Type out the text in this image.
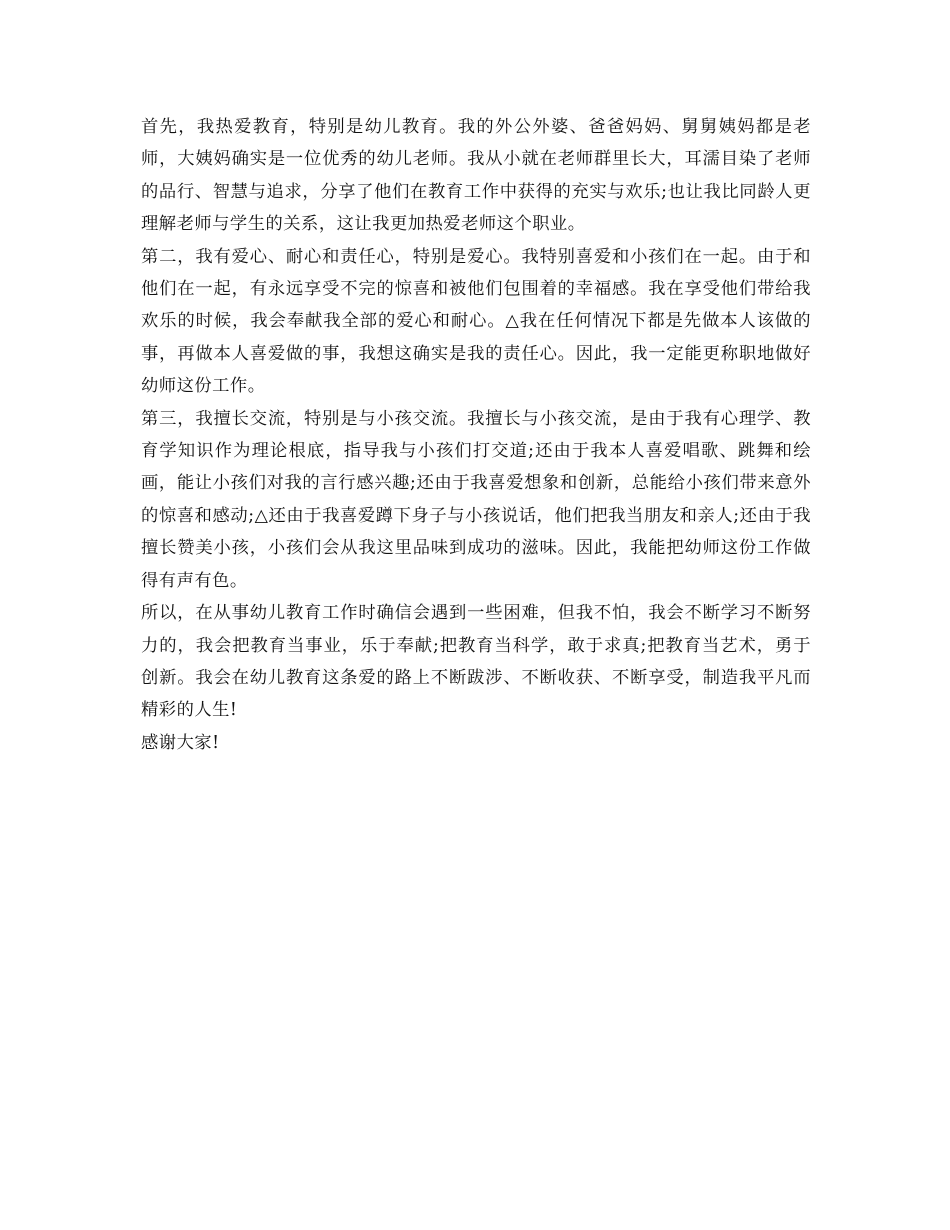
首先，我热爱教育，特别是幼儿教育。我的外公外婆、爸爸妈妈、舅舅姨妈都是老师，大姨妈确实是一位优秀的幼儿老师。我从小就在老师群里长大，耳濡目染了老师的品行、智慧与追求，分享了他们在教育工作中获得的充实与欢乐;也让我比同龄人更理解老师与学生的关系，这让我更加热爱老师这个职业。

第二，我有爱心、耐心和责任心，特别是爱心。我特别喜爱和小孩们在一起。由于和他们在一起，有永远享受不完的惊喜和被他们包围着的幸福感。我在享受他们带给我欢乐的时候，我会奉献我全部的爱心和耐心。△我在任何情况下都是先做本人该做的事，再做本人喜爱做的事，我想这确实是我的责任心。因此，我一定能更称职地做好幼师这份工作。

第三，我擅长交流，特别是与小孩交流。我擅长与小孩交流，是由于我有心理学、教育学知识作为理论根底，指导我与小孩们打交道;还由于我本人喜爱唱歌、跳舞和绘画，能让小孩们对我的言行感兴趣;还由于我喜爱想象和创新，总能给小孩们带来意外的惊喜和感动;△还由于我喜爱蹲下身子与小孩说话，他们把我当朋友和亲人;还由于我擅长赞美小孩，小孩们会从我这里品味到成功的滋味。因此，我能把幼师这份工作做得有声有色。

所以，在从事幼儿教育工作时确信会遇到一些困难，但我不怕，我会不断学习不断努力的，我会把教育当事业，乐于奉献;把教育当科学，敢于求真;把教育当艺术，勇于创新。我会在幼儿教育这条爱的路上不断跋涉、不断收获、不断享受，制造我平凡而精彩的人生!

感谢大家!
